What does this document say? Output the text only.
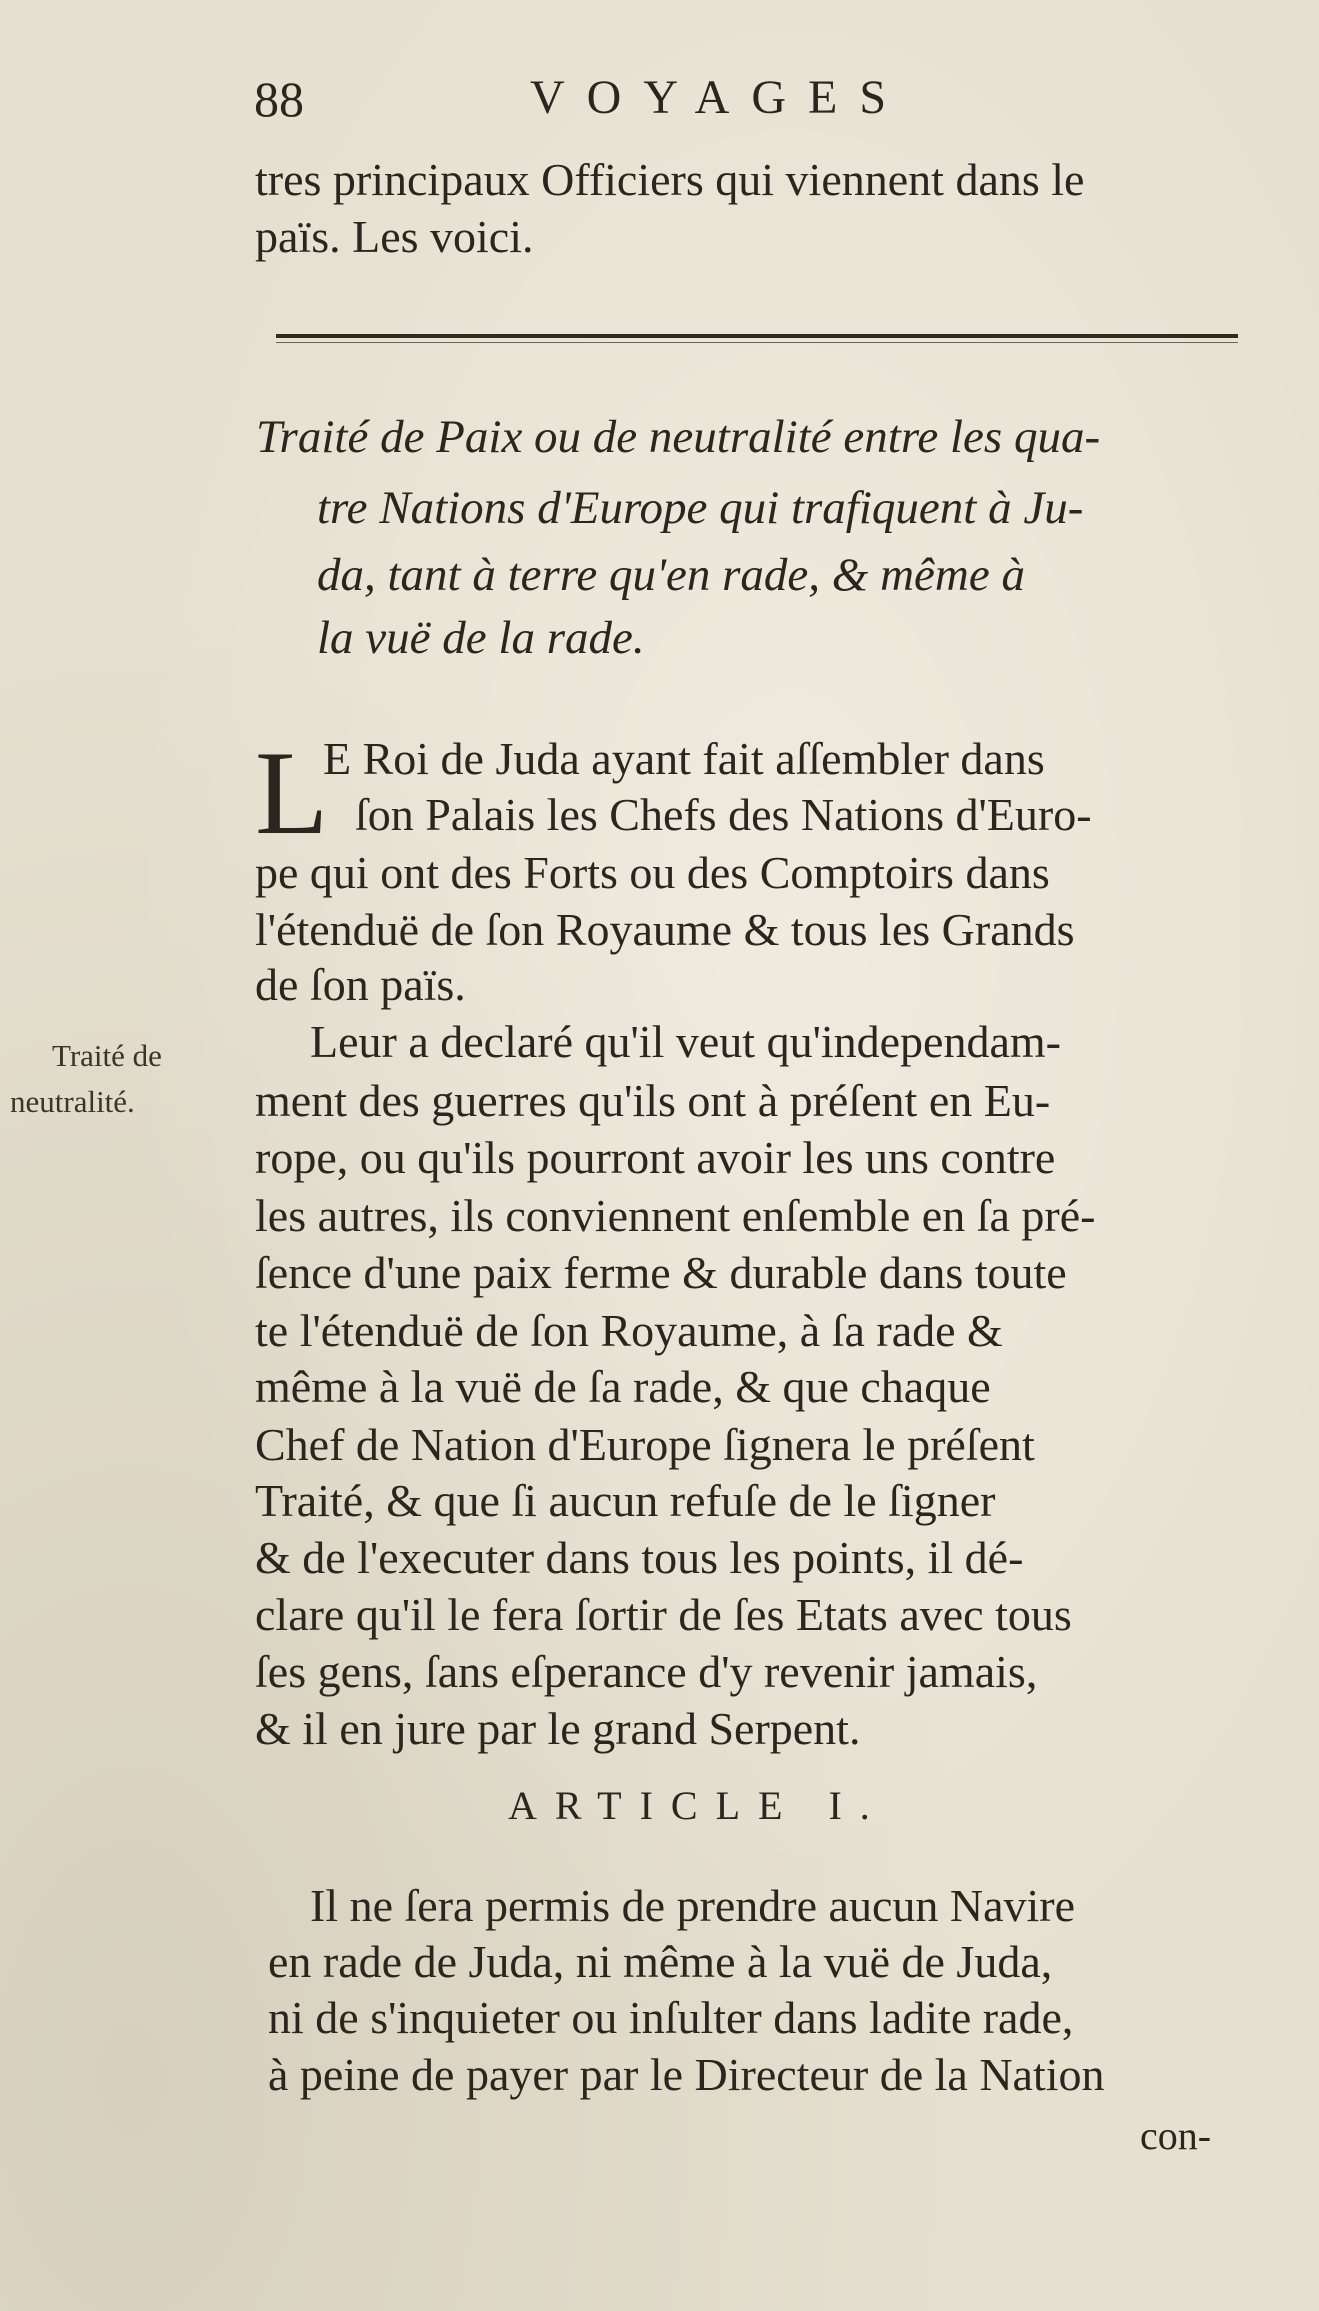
88	VOYAGES
tres principaux Officiers qui viennent dans le
païs. Les voici.
Traité de Paix ou de neutralité entre les qua-
tre Nations d'Europe qui trafiquent à Ju-
da, tant à terre qu'en rade, & même à
la vuë de la rade.
L
E Roi de Juda ayant fait aſſembler dans
ſon Palais les Chefs des Nations d'Euro-
pe qui ont des Forts ou des Comptoirs dans
l'étenduë de ſon Royaume & tous les Grands
de ſon païs.
Traité de
neutralité.
Leur a declaré qu'il veut qu'independam-
ment des guerres qu'ils ont à préſent en Eu-
rope, ou qu'ils pourront avoir les uns contre
les autres, ils conviennent enſemble en ſa pré-
ſence d'une paix ferme & durable dans toute
te l'étenduë de ſon Royaume, à ſa rade &
même à la vuë de ſa rade, & que chaque
Chef de Nation d'Europe ſignera le préſent
Traité, & que ſi aucun refuſe de le ſigner
& de l'executer dans tous les points, il dé-
clare qu'il le fera ſortir de ſes Etats avec tous
ſes gens, ſans eſperance d'y revenir jamais,
& il en jure par le grand Serpent.
ARTICLE I.
Il ne ſera permis de prendre aucun Navire
en rade de Juda, ni même à la vuë de Juda,
ni de s'inquieter ou inſulter dans ladite rade,
à peine de payer par le Directeur de la Nation
con-
